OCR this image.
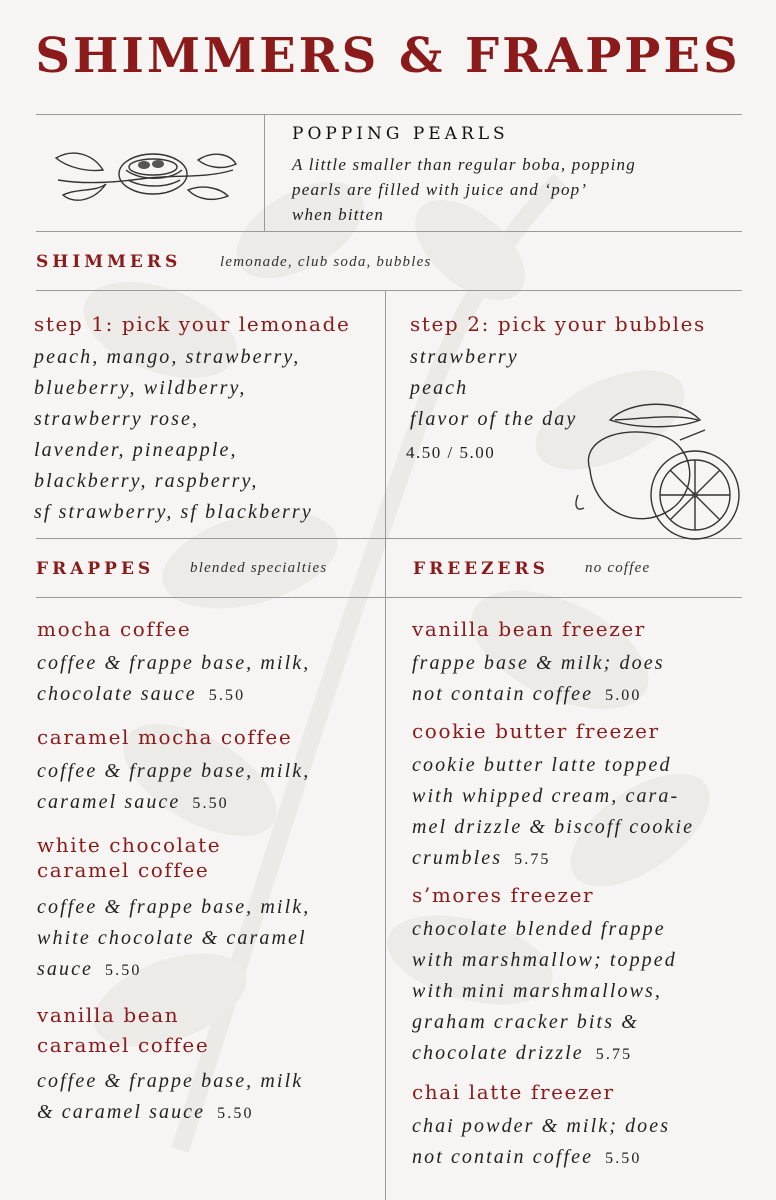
SHIMMERS & FRAPPES
POPPING PEARLS
A little smaller than regular boba, popping
pearls are filled with juice and ‘pop’
when bitten
SHIMMERS	lemonade, club soda, bubbles
step 1: pick your lemonade
peach, mango, strawberry,
blueberry, wildberry,
strawberry rose,
lavender, pineapple,
blackberry, raspberry,
sf strawberry, sf blackberry
step 2: pick your bubbles
strawberry
peach
flavor of the day
4.50 / 5.00
FRAPPES blended specialties
mocha coffee
coffee & frappe base, milk,
chocolate sauce 5.50
caramel mocha coffee
coffee & frappe base, milk,
caramel sauce 5.50
white chocolate
caramel coffee
coffee & frappe base, milk,
white chocolate & caramel
sauce 5.50
vanilla bean
caramel coffee
coffee & frappe base, milk
& caramel sauce 5.50
FREEZERS no coffee
vanilla bean freezer
frappe base & milk; does
not contain coffee 5.00
cookie butter freezer
cookie butter latte topped
with whipped cream, cara-
mel drizzle & biscoff cookie
crumbles 5.75
s’mores freezer
chocolate blended frappe
with marshmallow; topped
with mini marshmallows,
graham cracker bits &
chocolate drizzle 5.75
chai latte freezer
chai powder & milk; does
not contain coffee 5.50
